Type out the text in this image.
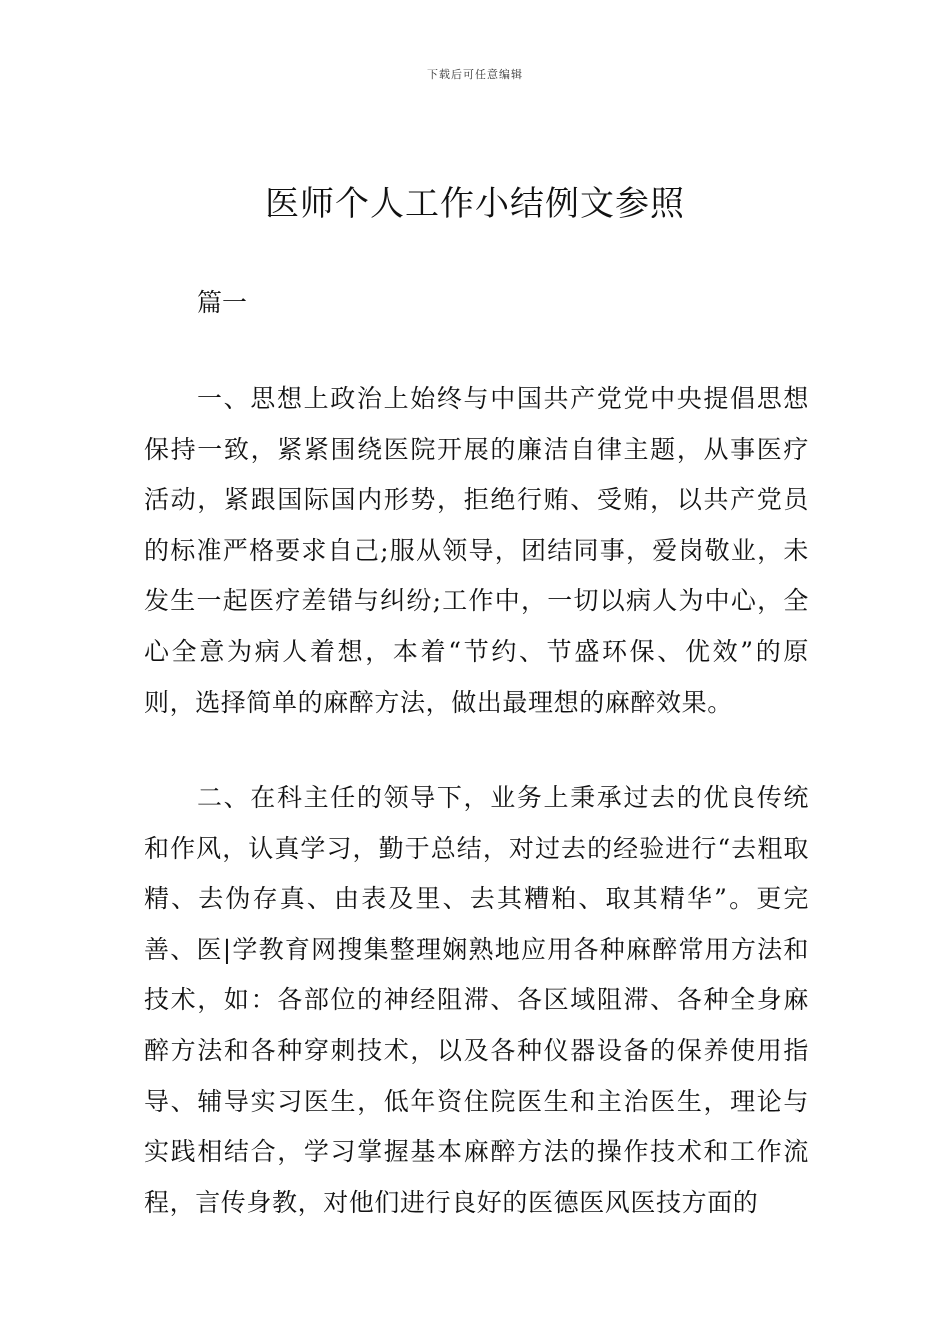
下载后可任意编辑
医师个人工作小结例文参照
篇一

一、思想上政治上始终与中国共产党党中央提倡思想保持一致，紧紧围绕医院开展的廉洁自律主题，从事医疗活动，紧跟国际国内形势，拒绝行贿、受贿，以共产党员的标准严格要求自己;服从领导，团结同事，爱岗敬业，未发生一起医疗差错与纠纷;工作中，一切以病人为中心，全心全意为病人着想，本着“节约、节盛环保、优效”的原则，选择简单的麻醉方法，做出最理想的麻醉效果。

二、在科主任的领导下，业务上秉承过去的优良传统和作风，认真学习，勤于总结，对过去的经验进行“去粗取精、去伪存真、由表及里、去其糟粕、取其精华”。更完善、医|学教育网搜集整理娴熟地应用各种麻醉常用方法和技术，如：各部位的神经阻滞、各区域阻滞、各种全身麻醉方法和各种穿刺技术，以及各种仪器设备的保养使用指导、辅导实习医生，低年资住院医生和主治医生，理论与实践相结合，学习掌握基本麻醉方法的操作技术和工作流程，言传身教，对他们进行良好的医德医风医技方面的
